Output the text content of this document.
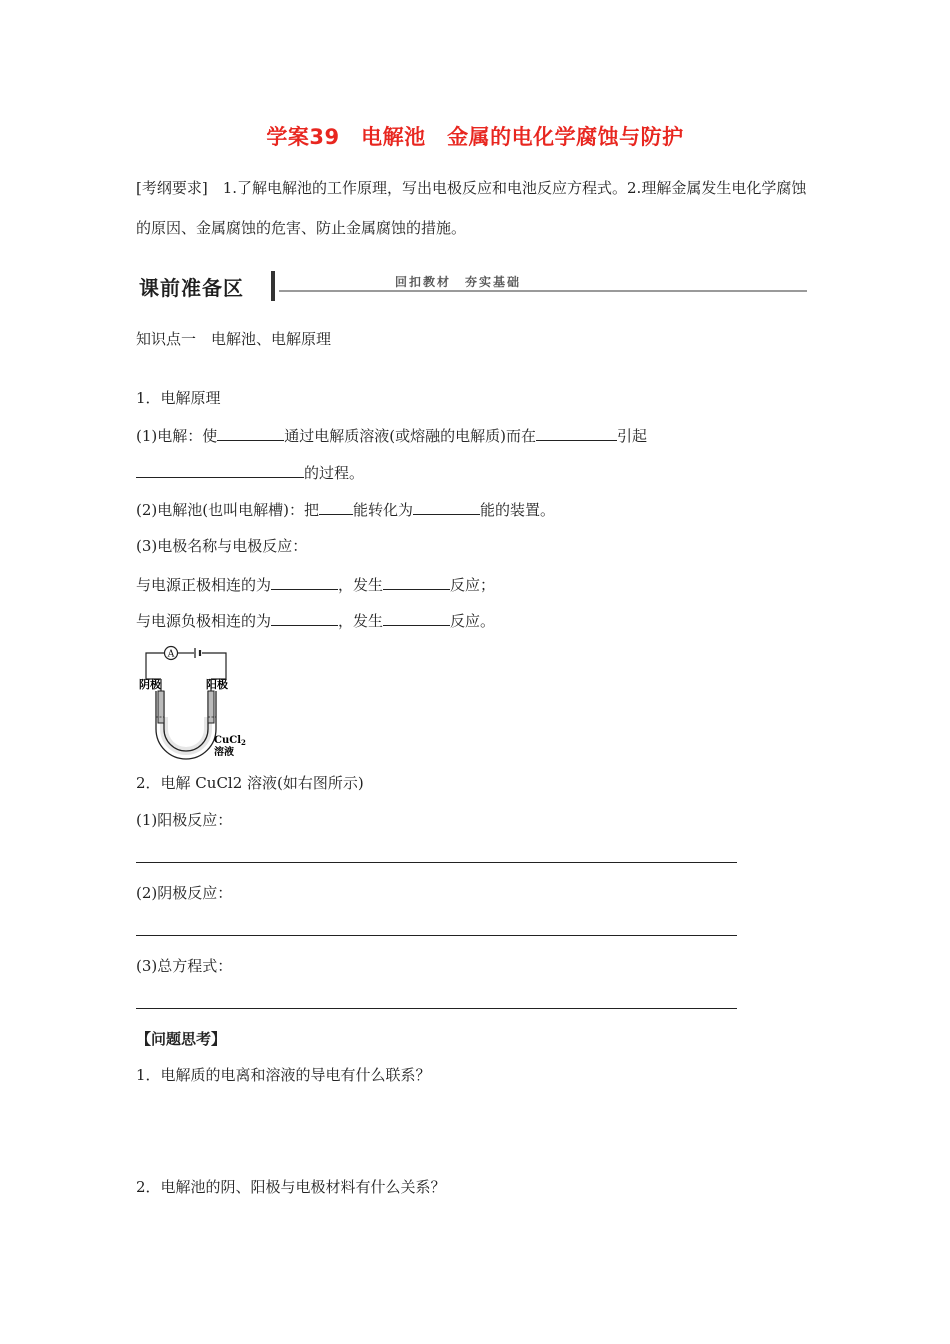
学案39　电解池　金属的电化学腐蚀与防护
[考纲要求]　1.了解电解池的工作原理，写出电极反应和电池反应方程式。2.理解金属发生电化学腐蚀的原因、金属腐蚀的危害、防止金属腐蚀的措施。
课前准备区	回扣教材　夯实基础
知识点一　电解池、电解原理
1．电解原理
(1)电解：使	通过电解质溶液(或熔融的电解质)而在	引起
的过程。
(2)电解池(也叫电解槽)：把 能转化为	能的装置。
(3)电极名称与电极反应：
与电源正极相连的为	，发生	反应；
与电源负极相连的为	，发生	反应。
A
阴极	阳极
CuCl$_2$
溶液
2．电解 CuCl2 溶液(如右图所示)
(1)阳极反应：
(2)阴极反应：
(3)总方程式：
【问题思考】
1．电解质的电离和溶液的导电有什么联系？
2．电解池的阴、阳极与电极材料有什么关系？
